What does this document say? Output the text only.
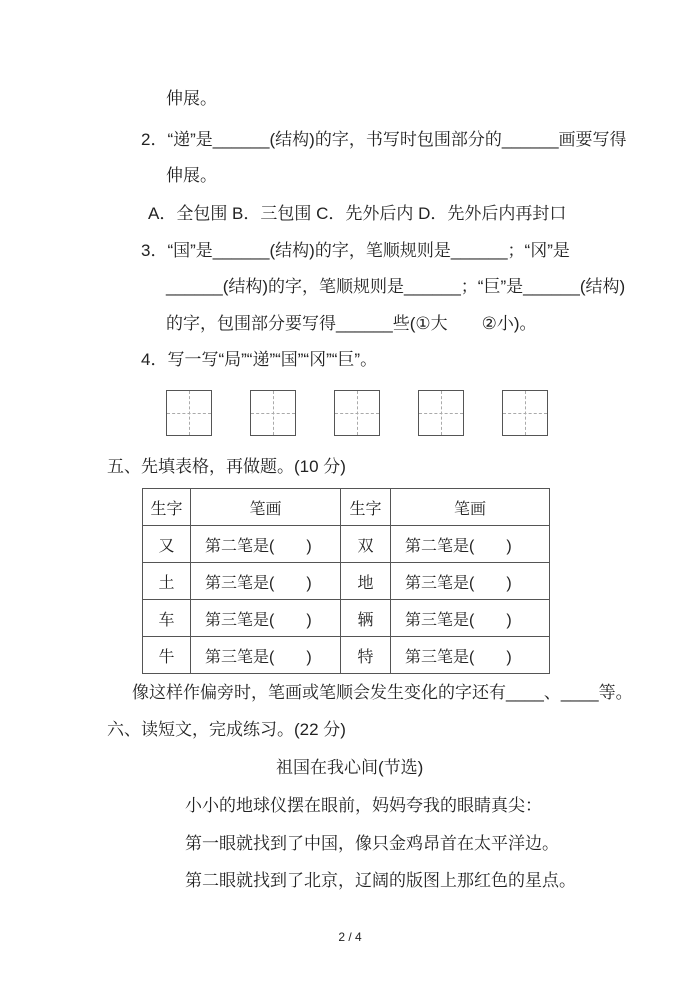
伸展。
2．“递”是______(结构)的字，书写时包围部分的______画要写得
伸展。
A．全包围 B．三包围 C．先外后内 D．先外后内再封口
3．“国”是______(结构)的字，笔顺规则是______；“冈”是
______(结构)的字，笔顺规则是______；“巨”是______(结构)
的字，包围部分要写得______些(①大　　②小)。
4．写一写“局”“递”“国”“冈”“巨”。
五、先填表格，再做题。(10 分)
生字	笔画	生字	笔画
又	第二笔是(　　)	双	第二笔是(　　)
土	第三笔是(　　)	地	第三笔是(　　)
车	第三笔是(　　)	辆	第三笔是(　　)
牛	第三笔是(　　)	特	第三笔是(　　)
像这样作偏旁时，笔画或笔顺会发生变化的字还有____、____等。
六、读短文，完成练习。(22 分)
祖国在我心间(节选)
小小的地球仪摆在眼前，妈妈夸我的眼睛真尖：
第一眼就找到了中国，像只金鸡昂首在太平洋边。
第二眼就找到了北京，辽阔的版图上那红色的星点。
2 / 4
